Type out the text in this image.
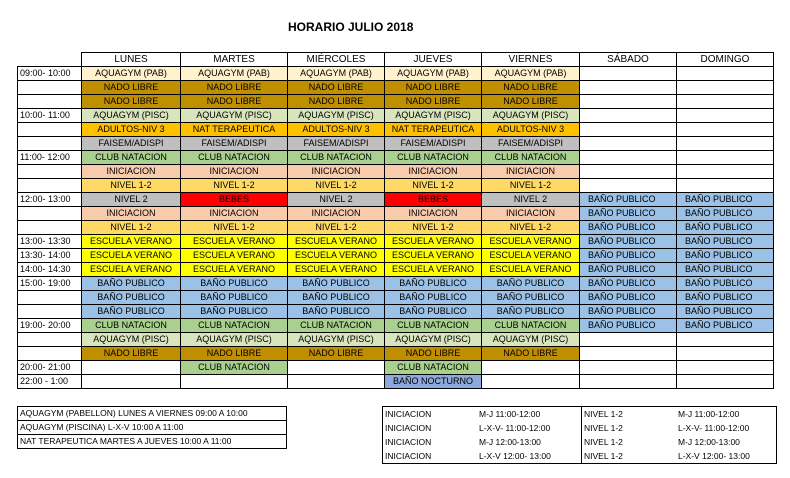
HORARIO JULIO 2018
	LUNES	MARTES	MIÉRCOLES	JUEVES	VIERNES	SÁBADO	DOMINGO
09:00- 10:00	AQUAGYM (PAB)	AQUAGYM (PAB)	AQUAGYM (PAB)	AQUAGYM (PAB)	AQUAGYM (PAB)		
	NADO LIBRE	NADO LIBRE	NADO LIBRE	NADO LIBRE	NADO LIBRE		
	NADO LIBRE	NADO LIBRE	NADO LIBRE	NADO LIBRE	NADO LIBRE		
10:00- 11:00	AQUAGYM (PISC)	AQUAGYM (PISC)	AQUAGYM (PISC)	AQUAGYM (PISC)	AQUAGYM (PISC)		
	ADULTOS-NIV 3	NAT TERAPEUTICA	ADULTOS-NIV 3	NAT TERAPEUTICA	ADULTOS-NIV 3		
	FAISEM/ADISPI	FAISEM/ADISPI	FAISEM/ADISPI	FAISEM/ADISPI	FAISEM/ADISPI		
11:00- 12:00	CLUB NATACION	CLUB NATACION	CLUB NATACION	CLUB NATACION	CLUB NATACION		
	INICIACION	INICIACION	INICIACION	INICIACION	INICIACION		
	NIVEL 1-2	NIVEL 1-2	NIVEL 1-2	NIVEL 1-2	NIVEL 1-2		
12:00- 13:00	NIVEL 2	BEBES	NIVEL 2	BEBES	NIVEL 2	BAÑO PUBLICO	BAÑO PUBLICO
	INICIACION	INICIACION	INICIACION	INICIACION	INICIACION	BAÑO PUBLICO	BAÑO PUBLICO
	NIVEL 1-2	NIVEL 1-2	NIVEL 1-2	NIVEL 1-2	NIVEL 1-2	BAÑO PUBLICO	BAÑO PUBLICO
13:00- 13:30	ESCUELA VERANO	ESCUELA VERANO	ESCUELA VERANO	ESCUELA VERANO	ESCUELA VERANO	BAÑO PUBLICO	BAÑO PUBLICO
13:30- 14:00	ESCUELA VERANO	ESCUELA VERANO	ESCUELA VERANO	ESCUELA VERANO	ESCUELA VERANO	BAÑO PUBLICO	BAÑO PUBLICO
14:00- 14:30	ESCUELA VERANO	ESCUELA VERANO	ESCUELA VERANO	ESCUELA VERANO	ESCUELA VERANO	BAÑO PUBLICO	BAÑO PUBLICO
15:00- 19:00	BAÑO PUBLICO	BAÑO PUBLICO	BAÑO PUBLICO	BAÑO PUBLICO	BAÑO PUBLICO	BAÑO PUBLICO	BAÑO PUBLICO
	BAÑO PUBLICO	BAÑO PUBLICO	BAÑO PUBLICO	BAÑO PUBLICO	BAÑO PUBLICO	BAÑO PUBLICO	BAÑO PUBLICO
	BAÑO PUBLICO	BAÑO PUBLICO	BAÑO PUBLICO	BAÑO PUBLICO	BAÑO PUBLICO	BAÑO PUBLICO	BAÑO PUBLICO
19:00- 20:00	CLUB NATACION	CLUB NATACION	CLUB NATACION	CLUB NATACION	CLUB NATACION	BAÑO PUBLICO	BAÑO PUBLICO
	AQUAGYM (PISC)	AQUAGYM (PISC)	AQUAGYM (PISC)	AQUAGYM (PISC)	AQUAGYM (PISC)		
	NADO LIBRE	NADO LIBRE	NADO LIBRE	NADO LIBRE	NADO LIBRE		
20:00- 21:00		CLUB NATACION		CLUB NATACION			
22:00 - 1:00				BAÑO NOCTURNO			
AQUAGYM (PABELLON) LUNES A VIERNES 09:00 A 10:00
AQUAGYM (PISCINA) L-X-V 10:00 A 11:00
NAT TERAPEUTICA MARTES A JUEVES 10:00 A 11:00
INICIACION	M-J 11:00-12:00	NIVEL 1-2	M-J 11:00-12:00
INICIACION	L-X-V- 11:00-12:00	NIVEL 1-2	L-X-V- 11:00-12:00
INICIACION	M-J 12:00-13:00	NIVEL 1-2	M-J 12:00-13:00
INICIACION	L-X-V 12:00- 13:00	NIVEL 1-2	L-X-V 12:00- 13:00
